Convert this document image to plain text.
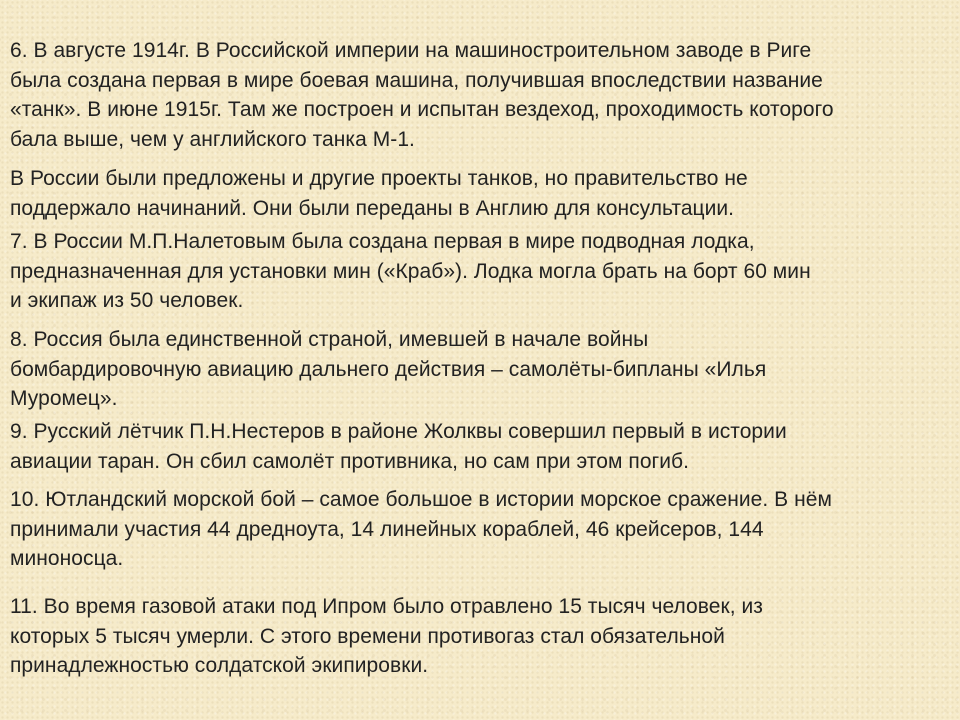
6. В августе 1914г. В Российской империи на машиностроительном заводе в Риге
была создана первая в мире боевая машина, получившая впоследствии название
«танк». В июне 1915г. Там же построен и испытан вездеход, проходимость которого
бала выше, чем у английского танка М-1.

В России были предложены и другие проекты танков, но правительство не
поддержало начинаний. Они были переданы в Англию для консультации.

7. В России М.П.Налетовым была создана первая в мире подводная лодка,
предназначенная для установки мин («Краб»). Лодка могла брать на борт 60 мин
и экипаж из 50 человек.

8. Россия была единственной страной, имевшей в начале войны
бомбардировочную авиацию дальнего действия – самолёты-бипланы «Илья
Муромец».

9. Русский лётчик П.Н.Нестеров в районе Жолквы совершил первый в истории
авиации таран. Он сбил самолёт противника, но сам при этом погиб.

10. Ютландский морской бой – самое большое в истории морское сражение. В нём
принимали участия 44 дредноута, 14 линейных кораблей, 46 крейсеров, 144
миноносца.

11. Во время газовой атаки под Ипром было отравлено 15 тысяч человек, из
которых 5 тысяч умерли. С этого времени противогаз стал обязательной
принадлежностью солдатской экипировки.
